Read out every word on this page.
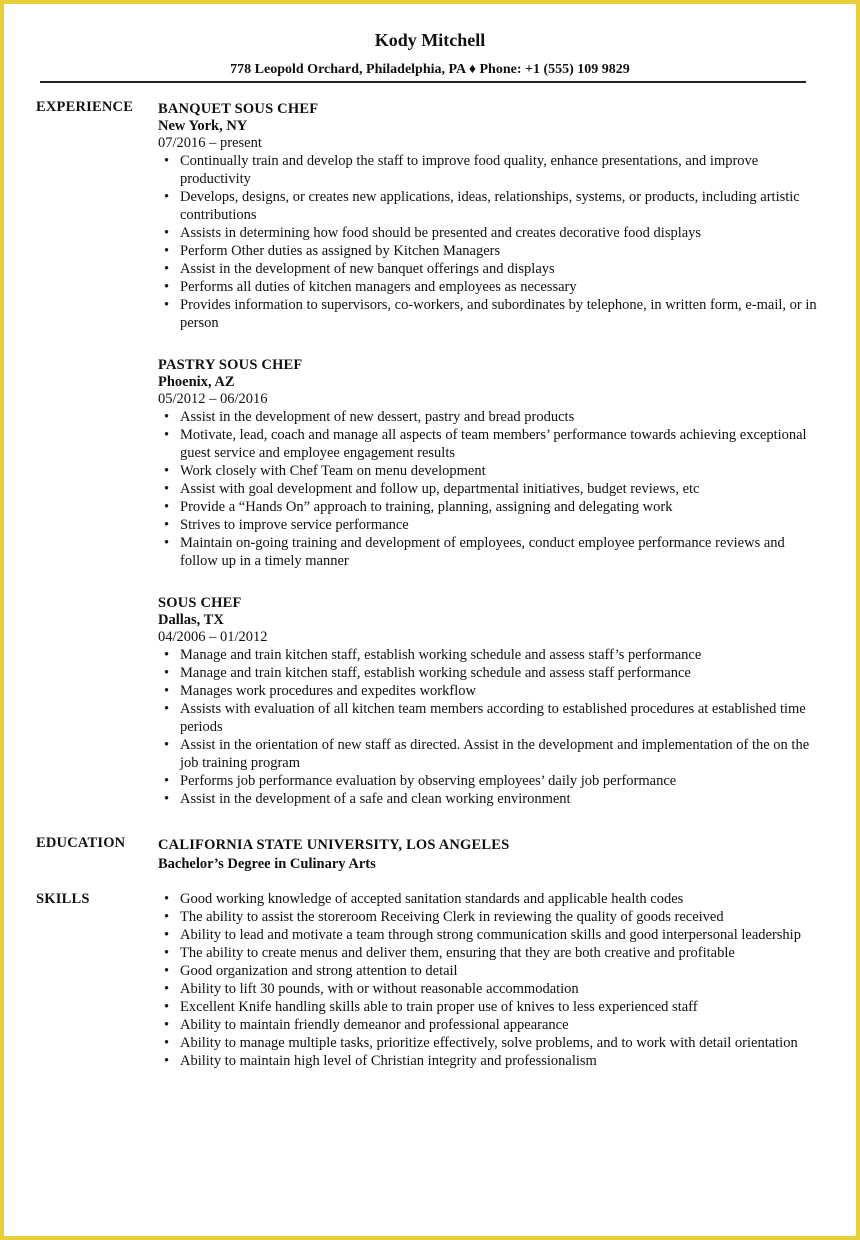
Kody Mitchell
778 Leopold Orchard, Philadelphia, PA ♦ Phone: +1 (555) 109 9829
EXPERIENCE BANQUET SOUS CHEF
New York, NY
07/2016 – present
• Continually train and develop the staff to improve food quality, enhance presentations, and improve productivity
• Develops, designs, or creates new applications, ideas, relationships, systems, or products, including artistic contributions
• Assists in determining how food should be presented and creates decorative food displays
• Perform Other duties as assigned by Kitchen Managers
• Assist in the development of new banquet offerings and displays
• Performs all duties of kitchen managers and employees as necessary
• Provides information to supervisors, co-workers, and subordinates by telephone, in written form, e-mail, or in person
PASTRY SOUS CHEF
Phoenix, AZ
05/2012 – 06/2016
• Assist in the development of new dessert, pastry and bread products
• Motivate, lead, coach and manage all aspects of team members’ performance towards achieving exceptional guest service and employee engagement results
• Work closely with Chef Team on menu development
• Assist with goal development and follow up, departmental initiatives, budget reviews, etc
• Provide a “Hands On” approach to training, planning, assigning and delegating work
• Strives to improve service performance
• Maintain on-going training and development of employees, conduct employee performance reviews and follow up in a timely manner
SOUS CHEF
Dallas, TX
04/2006 – 01/2012
• Manage and train kitchen staff, establish working schedule and assess staff’s performance
• Manage and train kitchen staff, establish working schedule and assess staff performance
• Manages work procedures and expedites workflow
• Assists with evaluation of all kitchen team members according to established procedures at established time periods
• Assist in the orientation of new staff as directed. Assist in the development and implementation of the on the job training program
• Performs job performance evaluation by observing employees’ daily job performance
• Assist in the development of a safe and clean working environment
EDUCATION CALIFORNIA STATE UNIVERSITY, LOS ANGELES
Bachelor’s Degree in Culinary Arts
SKILLS
•	Good working knowledge of accepted sanitation standards and applicable health codes
• The ability to assist the storeroom Receiving Clerk in reviewing the quality of goods received
• Ability to lead and motivate a team through strong communication skills and good interpersonal leadership
• The ability to create menus and deliver them, ensuring that they are both creative and profitable
• Good organization and strong attention to detail
• Ability to lift 30 pounds, with or without reasonable accommodation
• Excellent Knife handling skills able to train proper use of knives to less experienced staff
• Ability to maintain friendly demeanor and professional appearance
• Ability to manage multiple tasks, prioritize effectively, solve problems, and to work with detail orientation
• Ability to maintain high level of Christian integrity and professionalism
